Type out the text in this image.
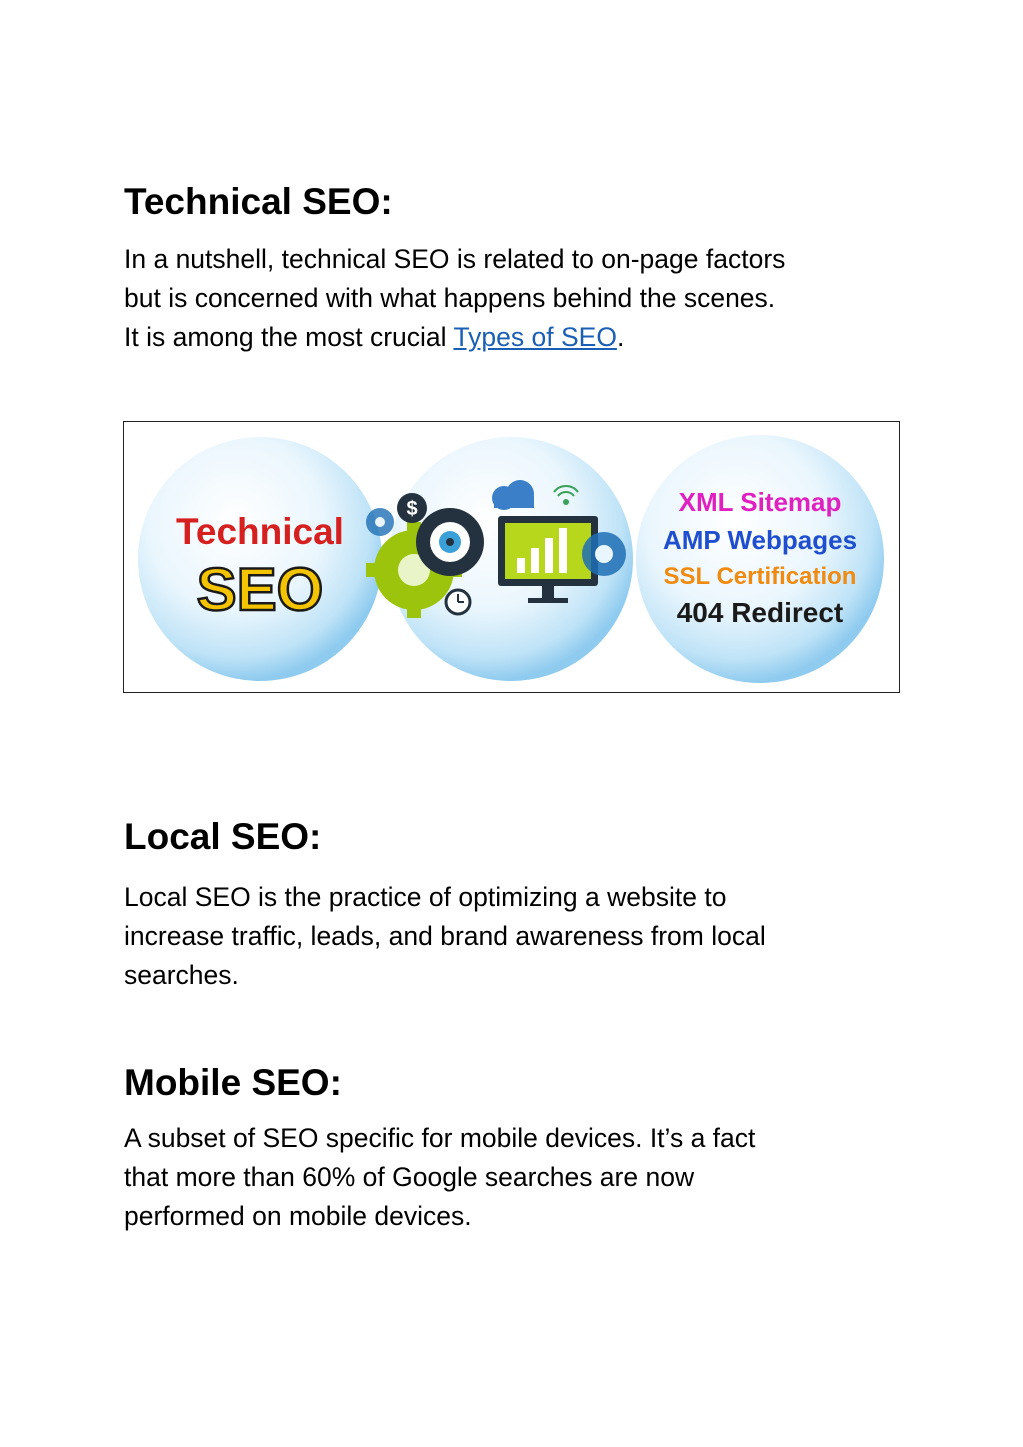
Technical SEO:

In a nutshell, technical SEO is related to on-page factors
but is concerned with what happens behind the scenes.
It is among the most crucial Types of SEO.

Technical
SEO
$	XML Sitemap
AMP Webpages
SSL Certification
404 Redirect
Local SEO:

Local SEO is the practice of optimizing a website to
increase traffic, leads, and brand awareness from local
searches.

Mobile SEO:

A subset of SEO specific for mobile devices. It’s a fact
that more than 60% of Google searches are now
performed on mobile devices.
